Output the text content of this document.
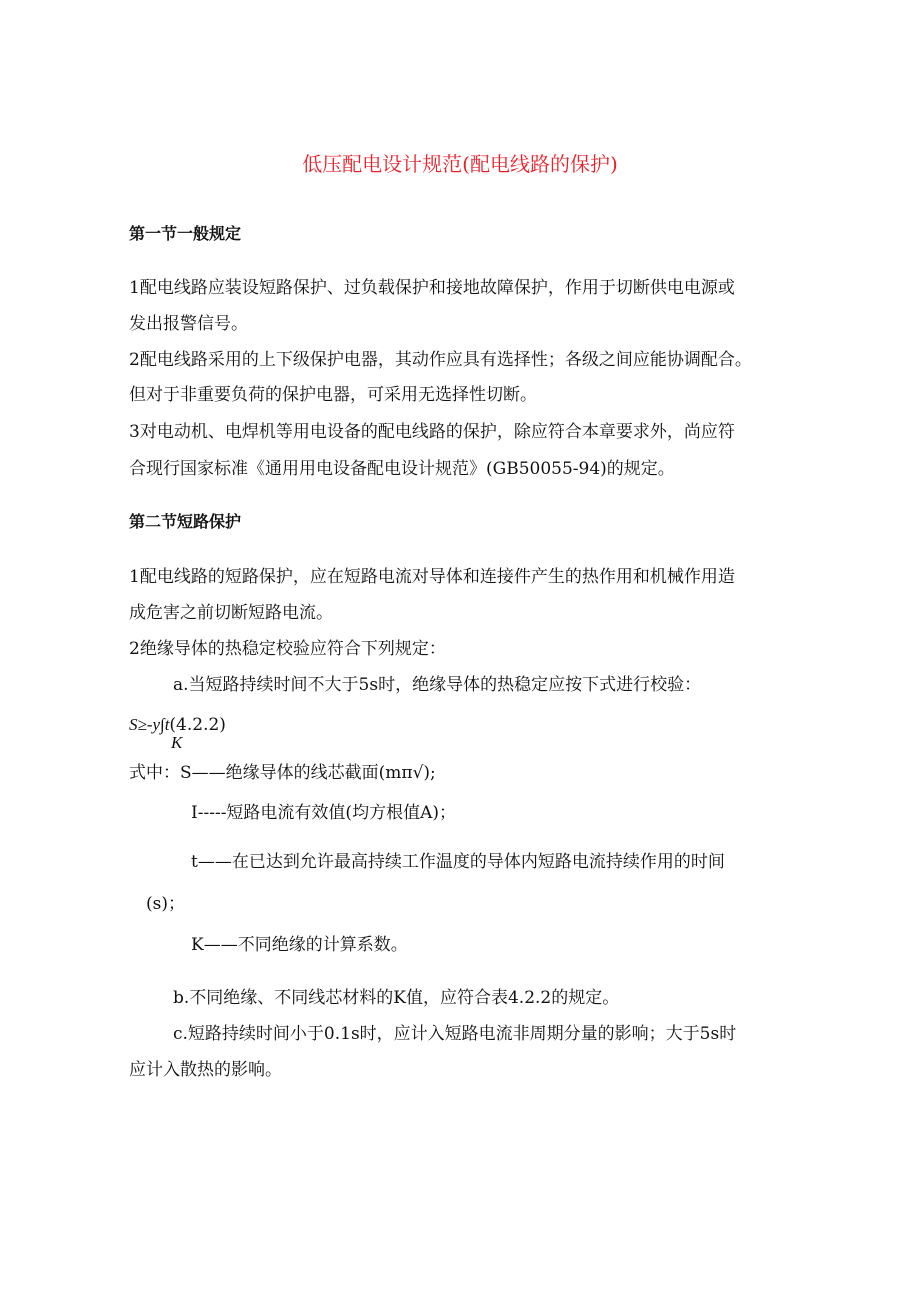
低压配电设计规范(配电线路的保护)
第一节一般规定
1配电线路应装设短路保护、过负载保护和接地故障保护，作用于切断供电电源或
发出报警信号。
2配电线路采用的上下级保护电器，其动作应具有选择性；各级之间应能协调配合。
但对于非重要负荷的保护电器，可采用无选择性切断。
3对电动机、电焊机等用电设备的配电线路的保护，除应符合本章要求外，尚应符
合现行国家标准《通用用电设备配电设计规范》(GB50055-94)的规定。
第二节短路保护
1配电线路的短路保护，应在短路电流对导体和连接件产生的热作用和机械作用造
成危害之前切断短路电流。
2绝缘导体的热稳定校验应符合下列规定：
a.当短路持续时间不大于5s时，绝缘导体的热稳定应按下式进行校验：
S≥-y∫t(4.2.2)
K
式中：S——绝缘导体的线芯截面(mπ√);
I-----短路电流有效值(均方根值A)；
t——在已达到允许最高持续工作温度的导体内短路电流持续作用的时间
(s)；
K——不同绝缘的计算系数。
b.不同绝缘、不同线芯材料的K值，应符合表4.2.2的规定。
c.短路持续时间小于0.1s时，应计入短路电流非周期分量的影响；大于5s时
应计入散热的影响。
